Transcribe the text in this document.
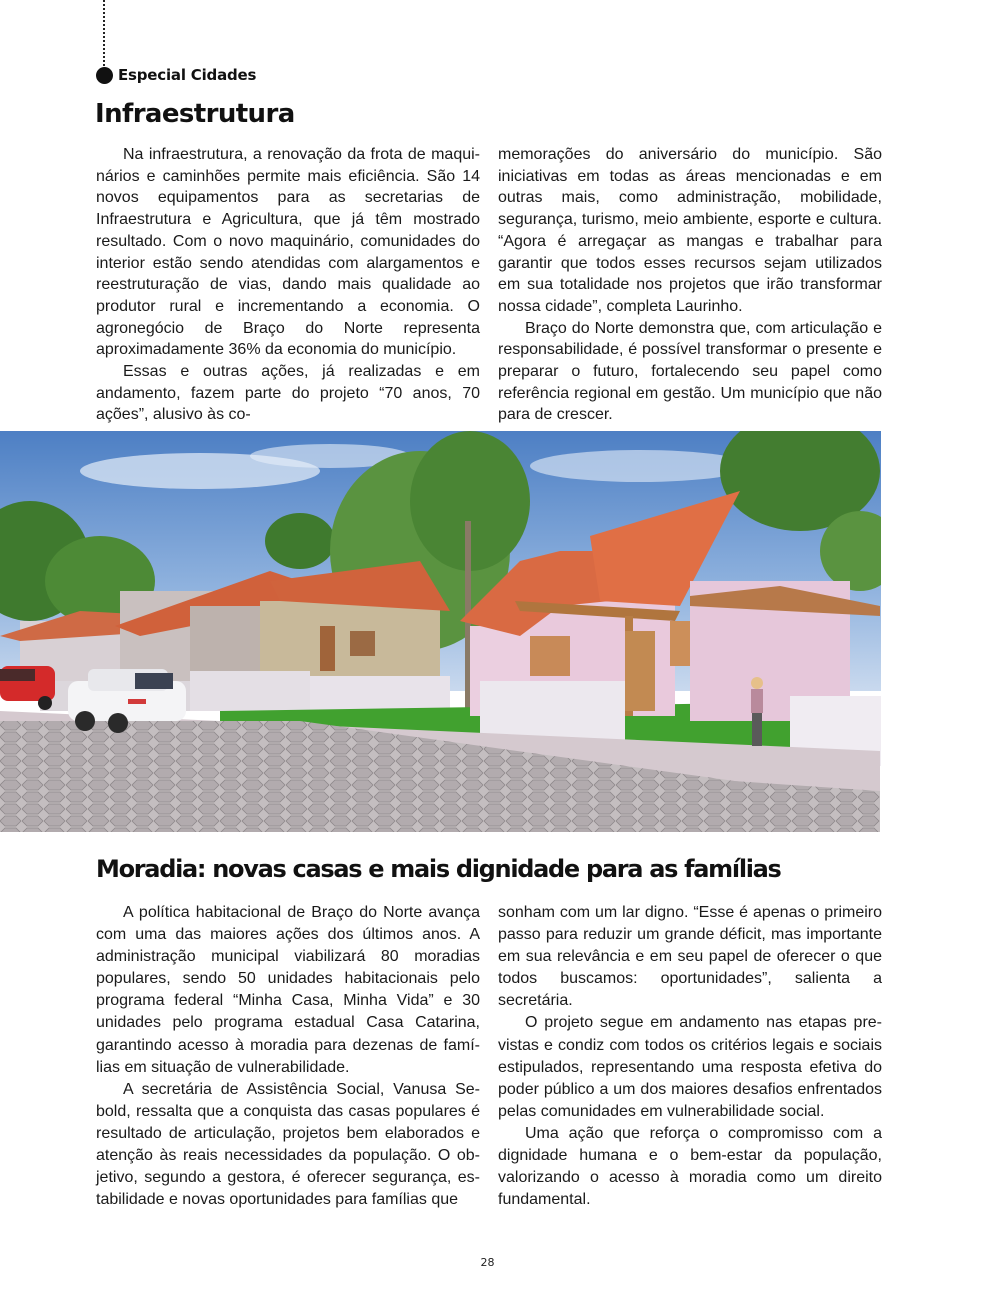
Especial Cidades
Infraestrutura

Na infraestrutura, a renovação da frota de maquinários e caminhões permite mais eficiência. São 14 novos equipamentos para as secretarias de Infraestrutura e Agricultura, que já têm mostrado resultado. Com o novo maquinário, comunidades do interior estão sendo atendidas com alargamentos e reestruturação de vias, dando mais qualidade ao produtor rural e incrementando a economia. O agronegócio de Braço do Norte representa aproximadamente 36% da economia do município.

Essas e outras ações, já realizadas e em andamento, fazem parte do projeto “70 anos, 70 ações”, alusivo às co-

memorações do aniversário do município. São iniciativas em todas as áreas mencionadas e em outras mais, como administração, mobilidade, segurança, turismo, meio ambiente, esporte e cultura. “Agora é arregaçar as mangas e trabalhar para garantir que todos esses recursos sejam utilizados em sua totalidade nos projetos que irão transformar nossa cidade”, completa Laurinho.

Braço do Norte demonstra que, com articulação e responsabilidade, é possível transformar o presente e preparar o futuro, fortalecendo seu papel como referência regional em gestão. Um município que não para de crescer.

Moradia: novas casas e mais dignidade para as famílias

A política habitacional de Braço do Norte avança com uma das maiores ações dos últimos anos. A administração municipal viabilizará 80 moradias populares, sendo 50 unidades habitacionais pelo programa federal “Minha Casa, Minha Vida” e 30 unidades pelo programa estadual Casa Catarina, garantindo acesso à moradia para dezenas de famílias em situação de vulnerabilidade.

A secretária de Assistência Social, Vanusa Sebold, ressalta que a conquista das casas populares é resultado de articulação, projetos bem elaborados e atenção às reais necessidades da população. O objetivo, segundo a gestora, é oferecer segurança, estabilidade e novas oportunidades para famílias que

sonham com um lar digno. “Esse é apenas o primeiro passo para reduzir um grande déficit, mas importante em sua relevância e em seu papel de oferecer o que todos buscamos: oportunidades”, salienta a secretária.

O projeto segue em andamento nas etapas previstas e condiz com todos os critérios legais e sociais estipulados, representando uma resposta efetiva do poder público a um dos maiores desafios enfrentados pelas comunidades em vulnerabilidade social.

Uma ação que reforça o compromisso com a dignidade humana e o bem-estar da população, valorizando o acesso à moradia como um direito fundamental.

28
